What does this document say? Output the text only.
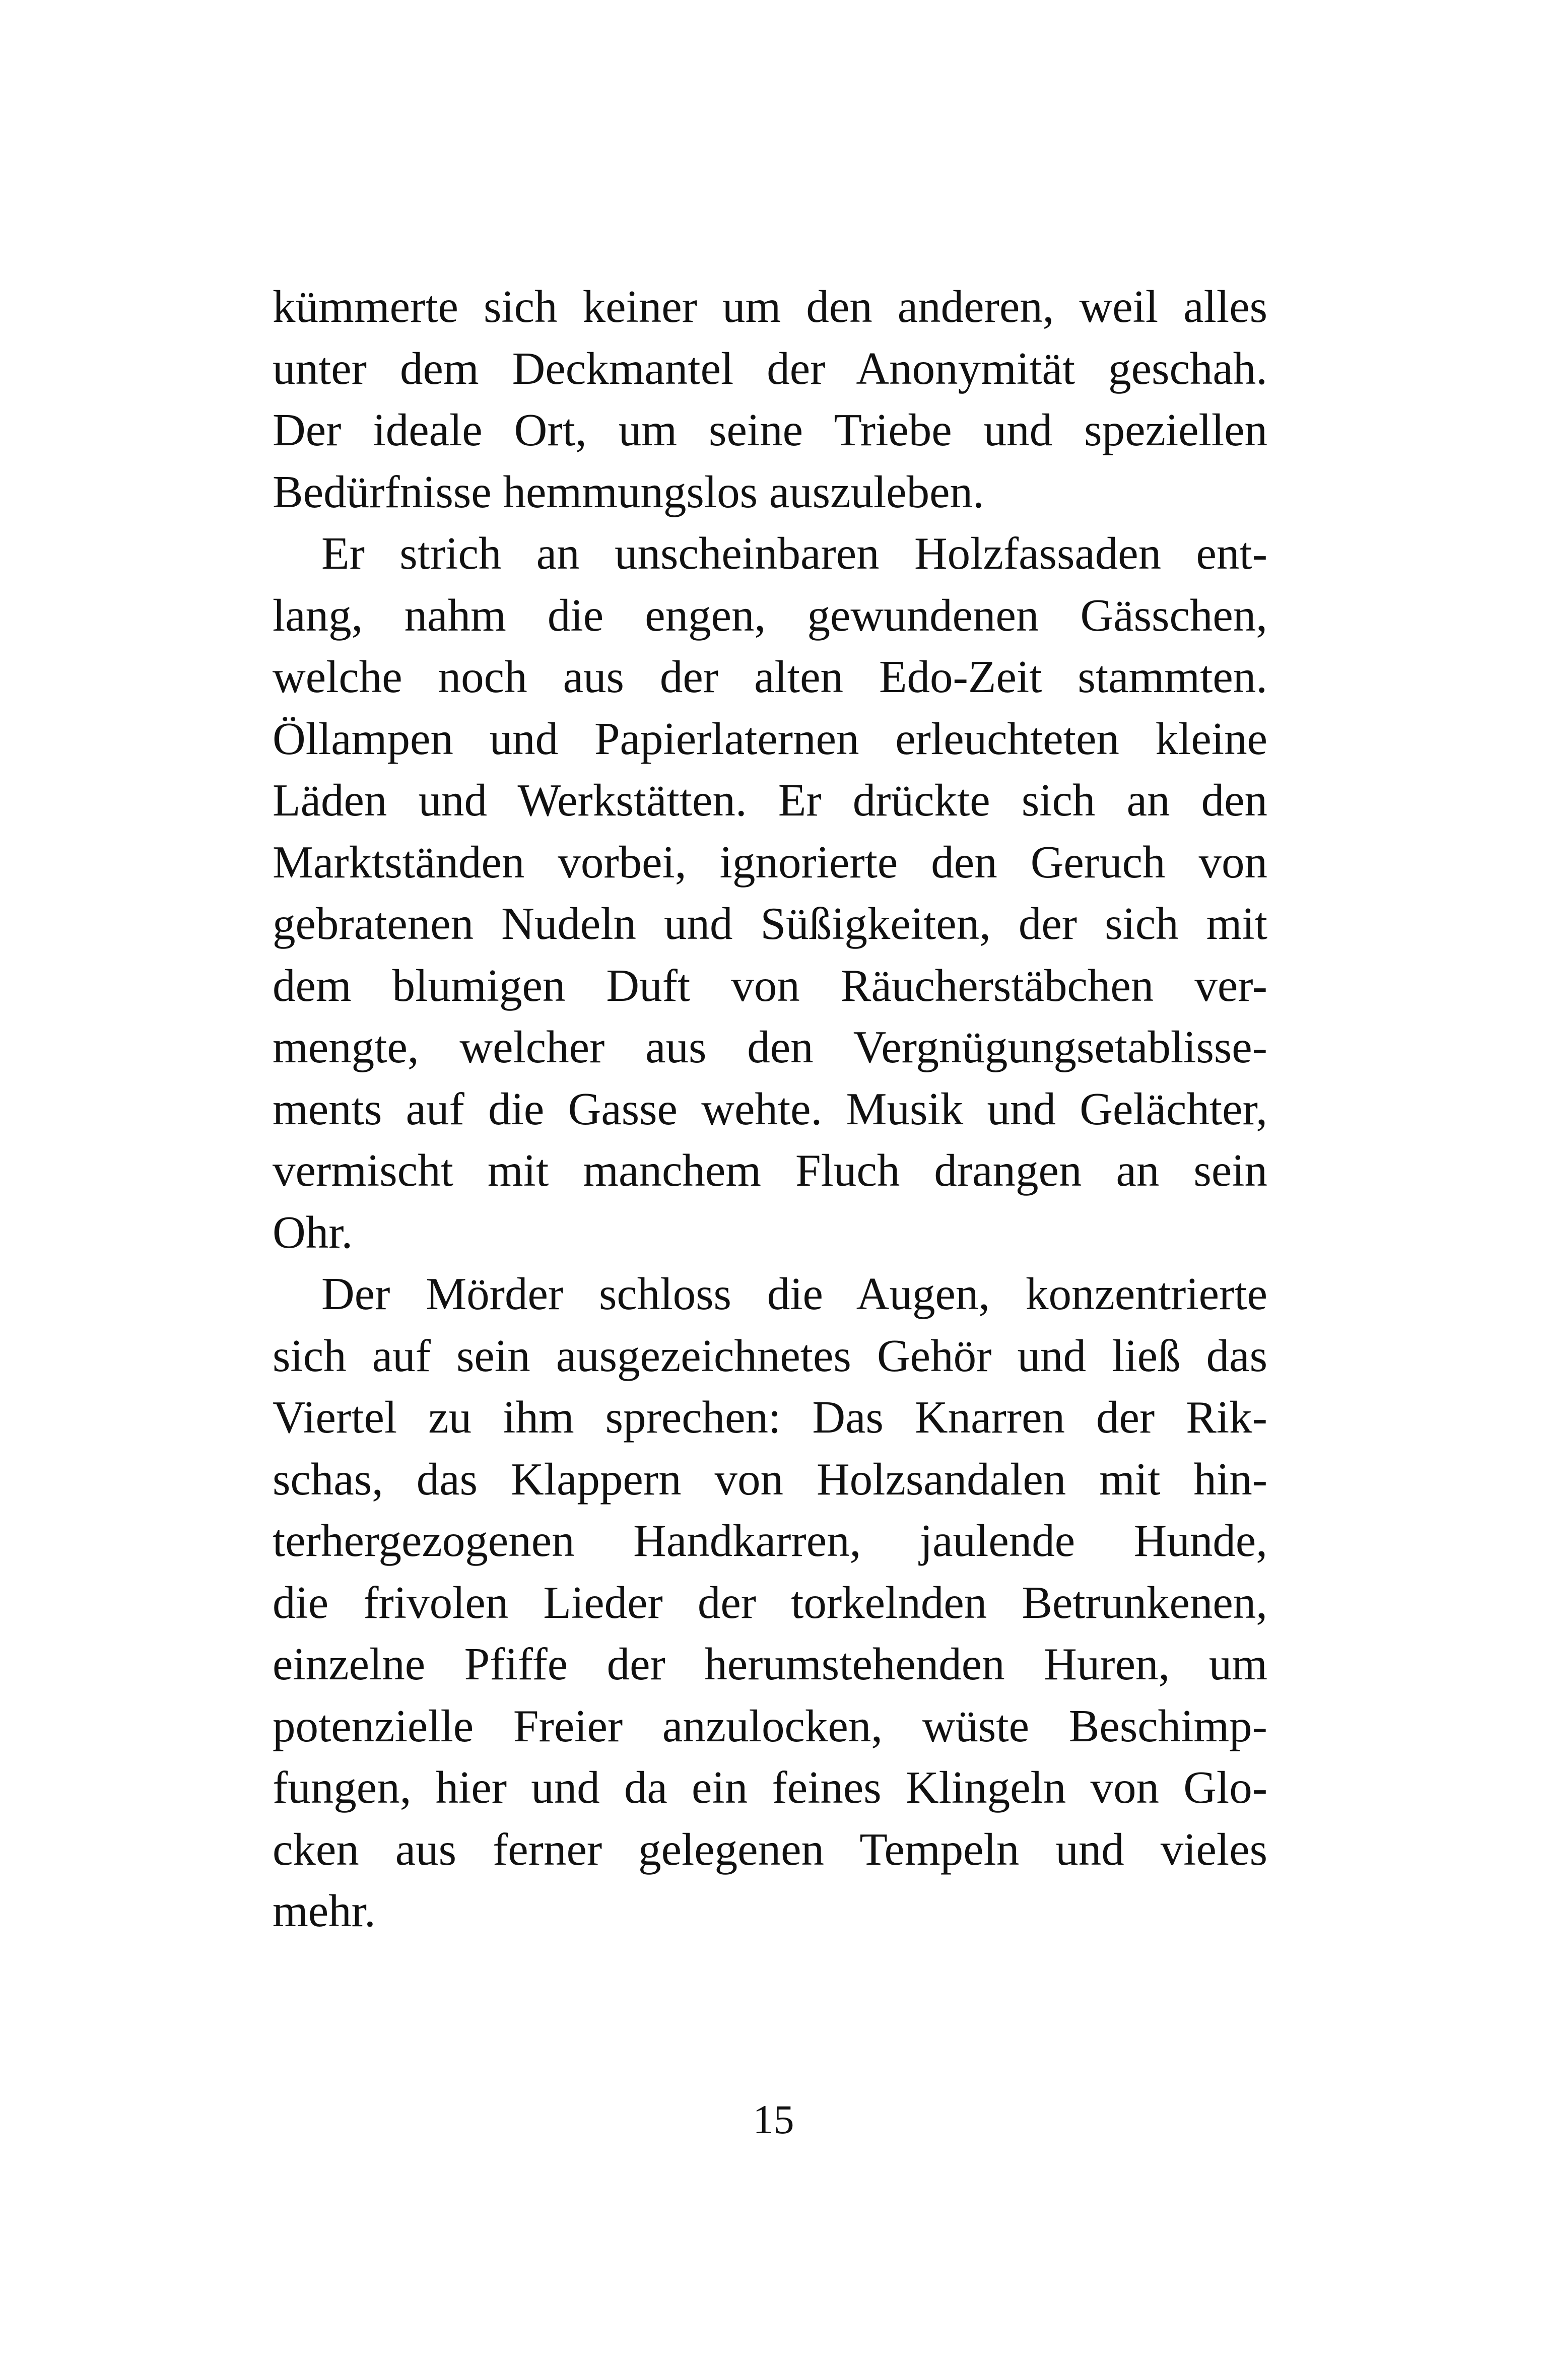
kümmerte sich keiner um den anderen, weil alles
unter dem Deckmantel der Anonymität geschah.
Der ideale Ort, um seine Triebe und speziellen
Bedürfnisse hemmungslos auszuleben.
Er strich an unscheinbaren Holzfassaden ent-
lang, nahm die engen, gewundenen Gässchen,
welche noch aus der alten Edo-Zeit stammten.
Öllampen und Papierlaternen erleuchteten kleine
Läden und Werkstätten. Er drückte sich an den
Marktständen vorbei, ignorierte den Geruch von
gebratenen Nudeln und Süßigkeiten, der sich mit
dem blumigen Duft von Räucherstäbchen ver-
mengte, welcher aus den Vergnügungsetablisse-
ments auf die Gasse wehte. Musik und Gelächter,
vermischt mit manchem Fluch drangen an sein
Ohr.
Der Mörder schloss die Augen, konzentrierte
sich auf sein ausgezeichnetes Gehör und ließ das
Viertel zu ihm sprechen: Das Knarren der Rik-
schas, das Klappern von Holzsandalen mit hin-
terhergezogenen Handkarren, jaulende Hunde,
die frivolen Lieder der torkelnden Betrunkenen,
einzelne Pfiffe der herumstehenden Huren, um
potenzielle Freier anzulocken, wüste Beschimp-
fungen, hier und da ein feines Klingeln von Glo-
cken aus ferner gelegenen Tempeln und vieles
mehr.
15
